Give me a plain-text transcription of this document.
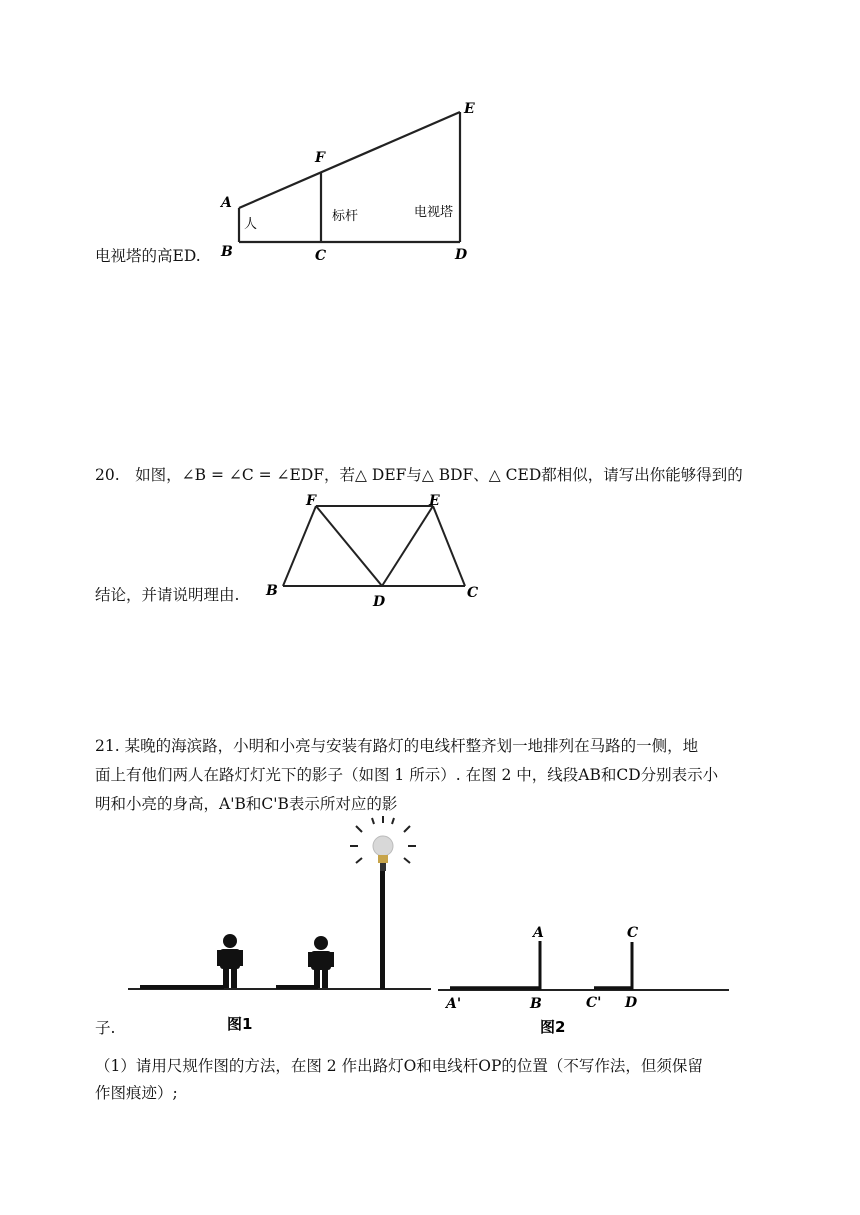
A
B	C	D
E
F
人
标杆	电视塔
电视塔的高ED.
20.　如图，∠B = ∠C = ∠EDF，若△ DEF与△ BDF、△ CED都相似，请写出你能够得到的
F	E
B
D
C
结论，并请说明理由.
21. 某晚的海滨路，小明和小亮与安装有路灯的电线杆整齐划一地排列在马路的一侧，地
面上有他们两人在路灯灯光下的影子（如图 1 所示）. 在图 2 中，线段AB和CD分别表示小
明和小亮的身高，A'B和C'B表示所对应的影
图1
A	C
A'	B	C' D
图2
子.
（1）请用尺规作图的方法，在图 2 作出路灯O和电线杆OP的位置（不写作法，但须保留
作图痕迹）;
